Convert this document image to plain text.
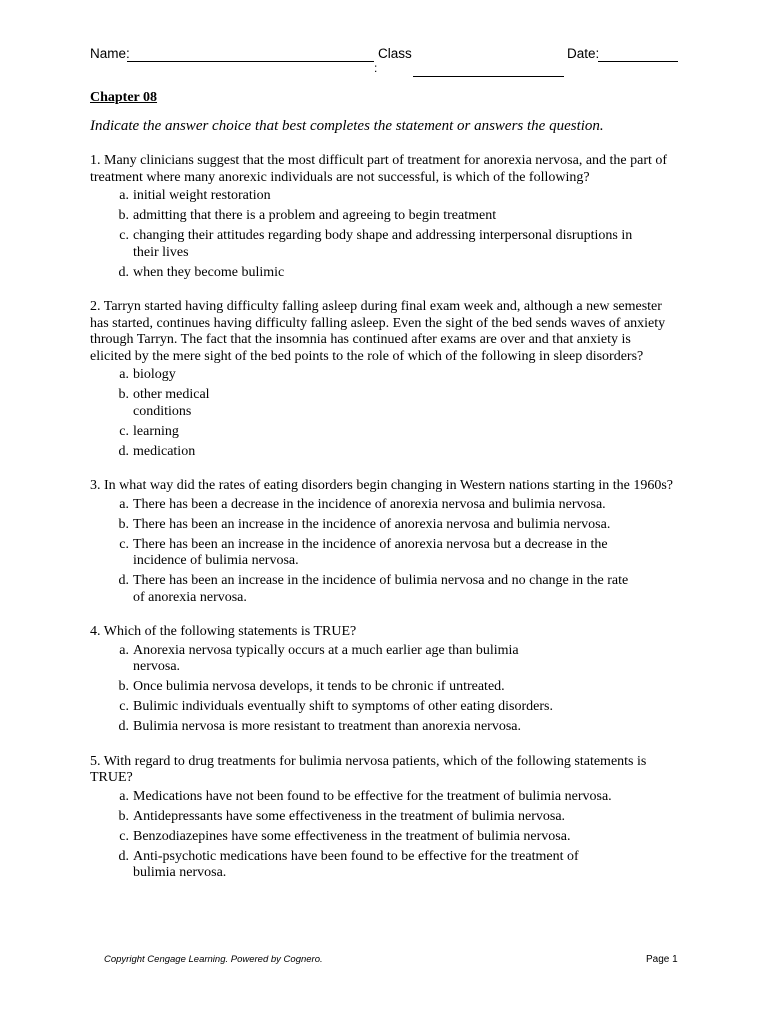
Name:	Class
:
Date:
Chapter 08
Indicate the answer choice that best completes the statement or answers the question.
1. Many clinicians suggest that the most difficult part of treatment for anorexia nervosa, and the part of treatment where many anorexic individuals are not successful, is which of the following?
a. initial weight restoration
b. admitting that there is a problem and agreeing to begin treatment
c. changing their attitudes regarding body shape and addressing interpersonal disruptions in their lives
d. when they become bulimic
2. Tarryn started having difficulty falling asleep during final exam week and, although a new semester has started, continues having difficulty falling asleep. Even the sight of the bed sends waves of anxiety through Tarryn. The fact that the insomnia has continued after exams are over and that anxiety is elicited by the mere sight of the bed points to the role of which of the following in sleep disorders?
a. biology
b. other medical conditions
c. learning
d. medication
3. In what way did the rates of eating disorders begin changing in Western nations starting in the 1960s?
a. There has been a decrease in the incidence of anorexia nervosa and bulimia nervosa.
b. There has been an increase in the incidence of anorexia nervosa and bulimia nervosa.
c. There has been an increase in the incidence of anorexia nervosa but a decrease in the incidence of bulimia nervosa.
d. There has been an increase in the incidence of bulimia nervosa and no change in the rate of anorexia nervosa.
4. Which of the following statements is TRUE?
a. Anorexia nervosa typically occurs at a much earlier age than bulimia nervosa.
b. Once bulimia nervosa develops, it tends to be chronic if untreated.
c. Bulimic individuals eventually shift to symptoms of other eating disorders.
d. Bulimia nervosa is more resistant to treatment than anorexia nervosa.
5. With regard to drug treatments for bulimia nervosa patients, which of the following statements is TRUE?
a. Medications have not been found to be effective for the treatment of bulimia nervosa.
b. Antidepressants have some effectiveness in the treatment of bulimia nervosa.
c. Benzodiazepines have some effectiveness in the treatment of bulimia nervosa.
d. Anti-psychotic medications have been found to be effective for the treatment of bulimia nervosa.
Copyright Cengage Learning. Powered by Cognero.	Page 1
